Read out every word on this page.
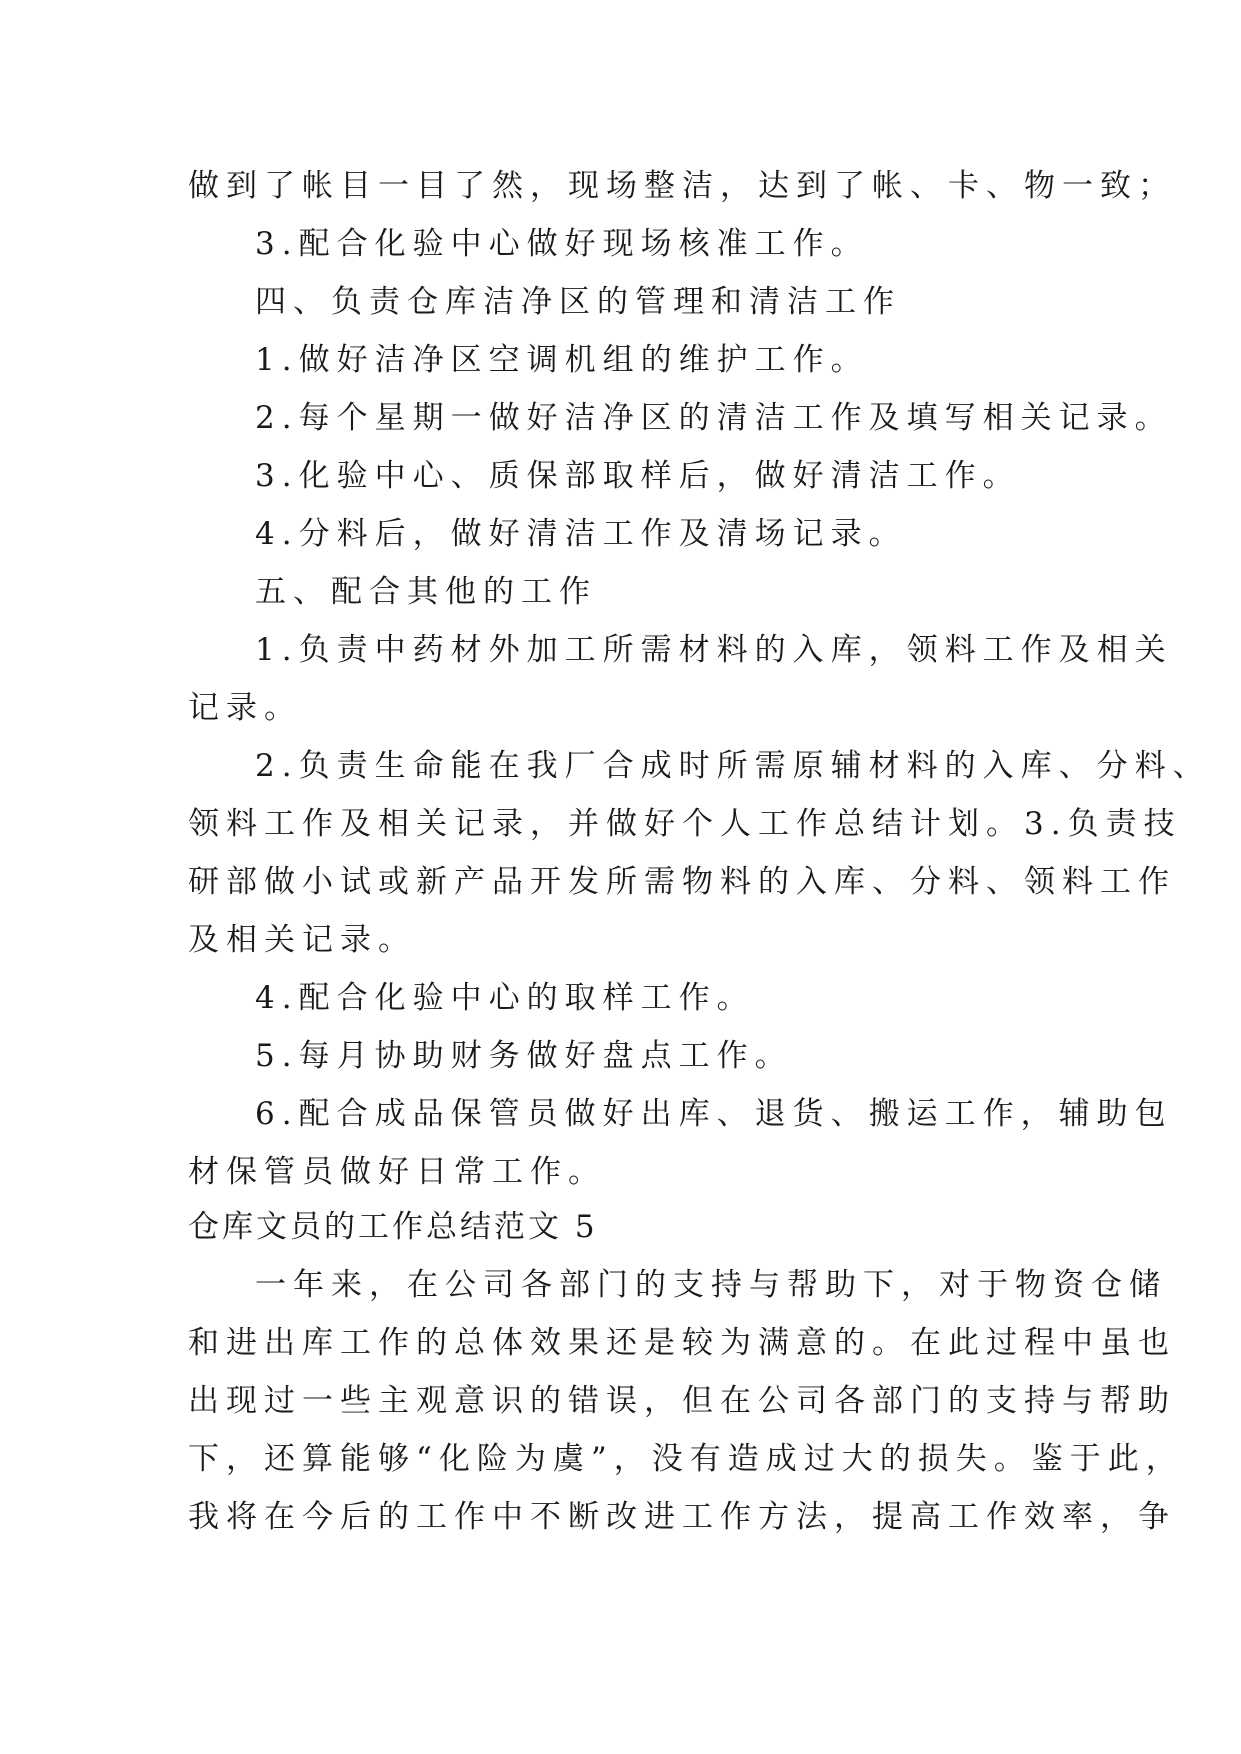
做到了帐目一目了然，现场整洁，达到了帐、卡、物一致；
3.配合化验中心做好现场核准工作。
四、负责仓库洁净区的管理和清洁工作
1.做好洁净区空调机组的维护工作。
2.每个星期一做好洁净区的清洁工作及填写相关记录。
3.化验中心、质保部取样后，做好清洁工作。
4.分料后，做好清洁工作及清场记录。
五、配合其他的工作
1.负责中药材外加工所需材料的入库，领料工作及相关
记录。
2.负责生命能在我厂合成时所需原辅材料的入库、分料、
领料工作及相关记录，并做好个人工作总结计划。3.负责技
研部做小试或新产品开发所需物料的入库、分料、领料工作
及相关记录。
4.配合化验中心的取样工作。
5.每月协助财务做好盘点工作。
6.配合成品保管员做好出库、退货、搬运工作，辅助包
材保管员做好日常工作。
仓库文员的工作总结范文 5
一年来，在公司各部门的支持与帮助下，对于物资仓储
和进出库工作的总体效果还是较为满意的。在此过程中虽也
出现过一些主观意识的错误，但在公司各部门的支持与帮助
下，还算能够“化险为虞”，没有造成过大的损失。鉴于此，
我将在今后的工作中不断改进工作方法，提高工作效率，争
